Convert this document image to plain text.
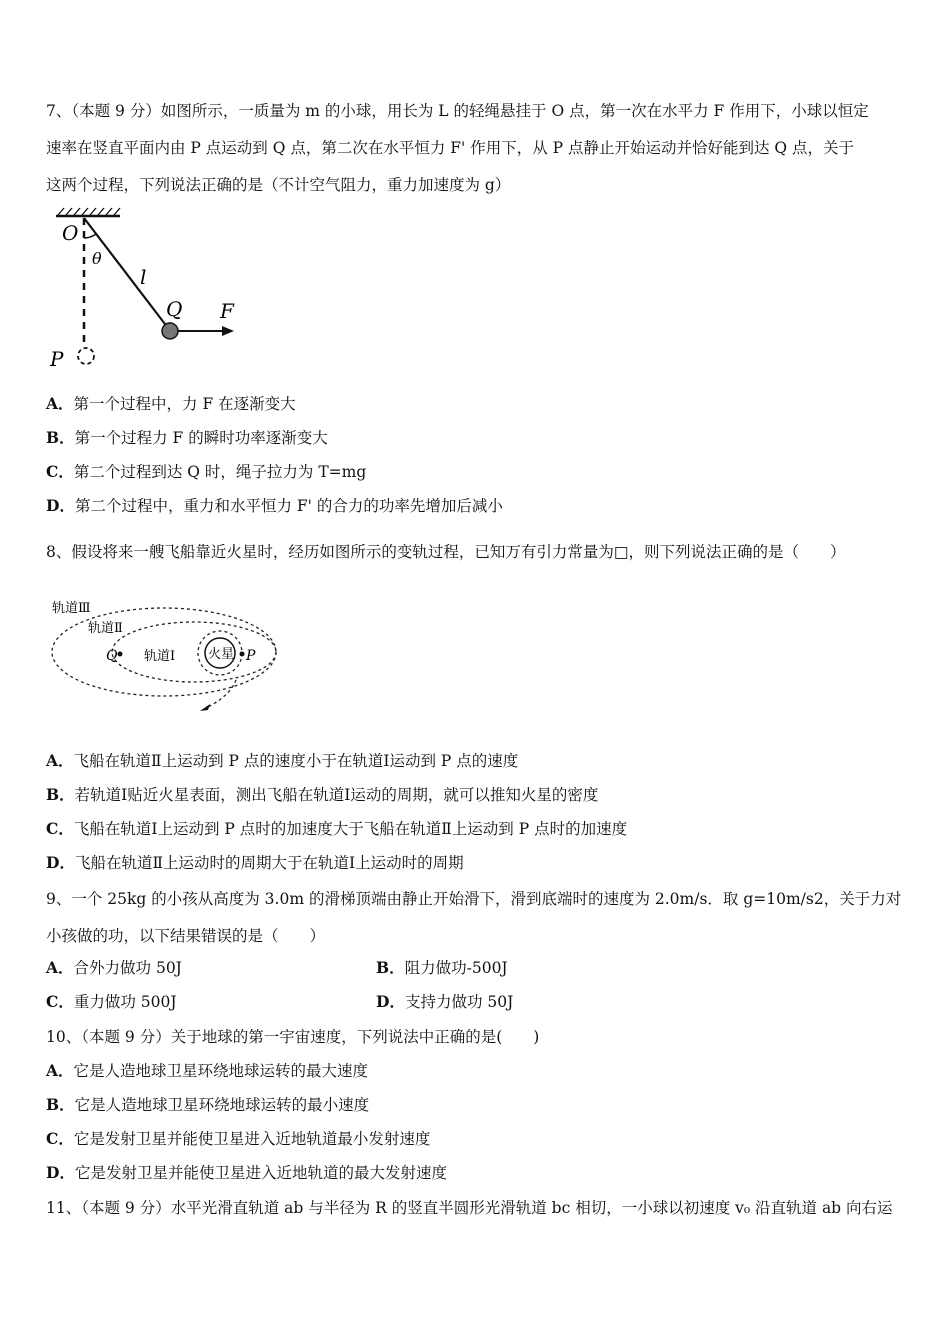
7、（本题 9 分）如图所示，一质量为 m 的小球，用长为 L 的轻绳悬挂于 O 点，第一次在水平力 F 作用下，小球以恒定
速率在竖直平面内由 P 点运动到 Q 点，第二次在水平恒力 F' 作用下，从 P 点静止开始运动并恰好能到达 Q 点，关于
这两个过程，下列说法正确的是（不计空气阻力，重力加速度为 g）
O
θ
l
Q F
P
A．第一个过程中，力 F 在逐渐变大
B．第一个过程力 F 的瞬时功率逐渐变大
C．第二个过程到达 Q 时，绳子拉力为 T=mg
D．第二个过程中，重力和水平恒力 F' 的合力的功率先增加后减小
8、假设将来一艘飞船靠近火星时，经历如图所示的变轨过程，已知万有引力常量为□，则下列说法正确的是（　　）
轨道Ⅲ
轨道Ⅱ
轨道Ⅰ
Q	火星 P
A．飞船在轨道Ⅱ上运动到 P 点的速度小于在轨道Ⅰ运动到 P 点的速度
B．若轨道Ⅰ贴近火星表面，测出飞船在轨道Ⅰ运动的周期，就可以推知火星的密度
C．飞船在轨道Ⅰ上运动到 P 点时的加速度大于飞船在轨道Ⅱ上运动到 P 点时的加速度
D．飞船在轨道Ⅱ上运动时的周期大于在轨道Ⅰ上运动时的周期
9、一个 25kg 的小孩从高度为 3.0m 的滑梯顶端由静止开始滑下，滑到底端时的速度为 2.0m/s．取 g=10m/s2，关于力对
小孩做的功，以下结果错误的是（　　）
A．合外力做功 50J	B．阻力做功-500J
C．重力做功 500J	D．支持力做功 50J
10、（本题 9 分）关于地球的第一宇宙速度，下列说法中正确的是(　　)
A．它是人造地球卫星环绕地球运转的最大速度
B．它是人造地球卫星环绕地球运转的最小速度
C．它是发射卫星并能使卫星进入近地轨道最小发射速度
D．它是发射卫星并能使卫星进入近地轨道的最大发射速度
11、（本题 9 分）水平光滑直轨道 ab 与半径为 R 的竖直半圆形光滑轨道 bc 相切，一小球以初速度 v₀ 沿直轨道 ab 向右运
